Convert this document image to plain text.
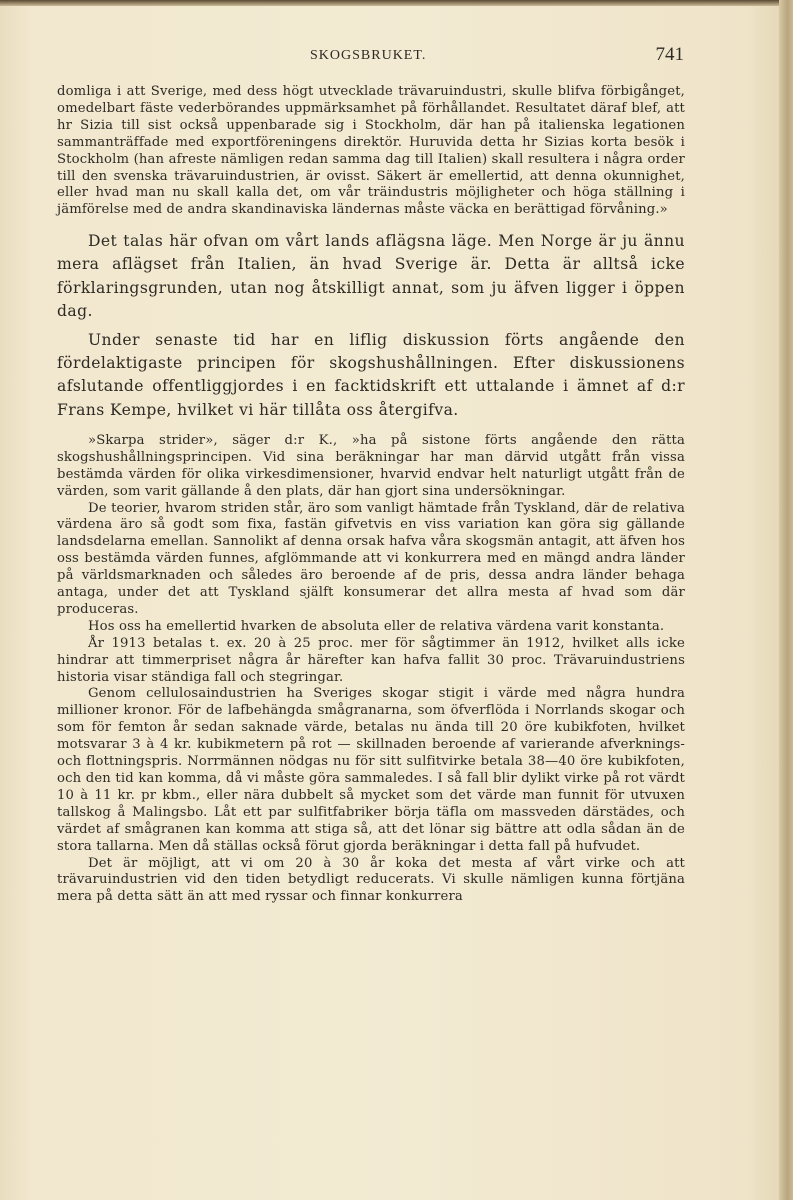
SKOGSBRUKET.	741

domliga i att Sverige, med dess högt utvecklade trävaruindustri, skulle blifva förbigånget, omedelbart fäste vederbörandes uppmärksamhet på förhållandet. Resultatet däraf blef, att hr Sizia till sist också uppenbarade sig i Stockholm, där han på italienska legationen sammanträffade med exportföreningens direktör. Huruvida detta hr Sizias korta besök i Stockholm (han afreste nämligen redan samma dag till Italien) skall resultera i några order till den svenska trävaruindustrien, är ovisst. Säkert är emellertid, att denna okunnighet, eller hvad man nu skall kalla det, om vår träindustris möjligheter och höga ställning i jämförelse med de andra skandinaviska ländernas måste väcka en berättigad förvåning.»

Det talas här ofvan om vårt lands aflägsna läge. Men Norge är ju ännu mera aflägset från Italien, än hvad Sverige är. Detta är alltså icke förklaringsgrunden, utan nog åtskilligt annat, som ju äfven ligger i öppen dag.

Under senaste tid har en liflig diskussion förts angående den fördelaktigaste principen för skogshushållningen. Efter diskussionens afslutande offentliggjordes i en facktidskrift ett uttalande i ämnet af d:r Frans Kempe, hvilket vi här tillåta oss återgifva.

»Skarpa strider», säger d:r K., »ha på sistone förts angående den rätta skogshushållningsprincipen. Vid sina beräkningar har man därvid utgått från vissa bestämda värden för olika virkesdimensioner, hvarvid endvar helt naturligt utgått från de värden, som varit gällande å den plats, där han gjort sina undersökningar.

De teorier, hvarom striden står, äro som vanligt hämtade från Tyskland, där de relativa värdena äro så godt som fixa, fastän gifvetvis en viss variation kan göra sig gällande landsdelarna emellan. Sannolikt af denna orsak hafva våra skogsmän antagit, att äfven hos oss bestämda värden funnes, afglömmande att vi konkurrera med en mängd andra länder på världsmarknaden och således äro beroende af de pris, dessa andra länder behaga antaga, under det att Tyskland själft konsumerar det allra mesta af hvad som där produceras.

Hos oss ha emellertid hvarken de absoluta eller de relativa värdena varit konstanta.

År 1913 betalas t. ex. 20 à 25 proc. mer för sågtimmer än 1912, hvilket alls icke hindrar att timmerpriset några år härefter kan hafva fallit 30 proc. Trävaruindustriens historia visar ständiga fall och stegringar.

Genom cellulosaindustrien ha Sveriges skogar stigit i värde med några hundra millioner kronor. För de lafbehängda smågranarna, som öfverflöda i Norrlands skogar och som för femton år sedan saknade värde, betalas nu ända till 20 öre kubikfoten, hvilket motsvarar 3 à 4 kr. kubikmetern på rot — skillnaden beroende af varierande afverknings- och flottningspris. Norrmännen nödgas nu för sitt sulfitvirke betala 38—40 öre kubikfoten, och den tid kan komma, då vi måste göra sammaledes. I så fall blir dylikt virke på rot värdt 10 à 11 kr. pr kbm., eller nära dubbelt så mycket som det värde man funnit för utvuxen tallskog å Malingsbo. Låt ett par sulfitfabriker börja täfla om massveden därstädes, och värdet af smågranen kan komma att stiga så, att det lönar sig bättre att odla sådan än de stora tallarna. Men då ställas också förut gjorda beräkningar i detta fall på hufvudet.

Det är möjligt, att vi om 20 à 30 år koka det mesta af vårt virke och att trävaruindustrien vid den tiden betydligt reducerats. Vi skulle nämligen kunna förtjäna mera på detta sätt än att med ryssar och finnar konkurrera
